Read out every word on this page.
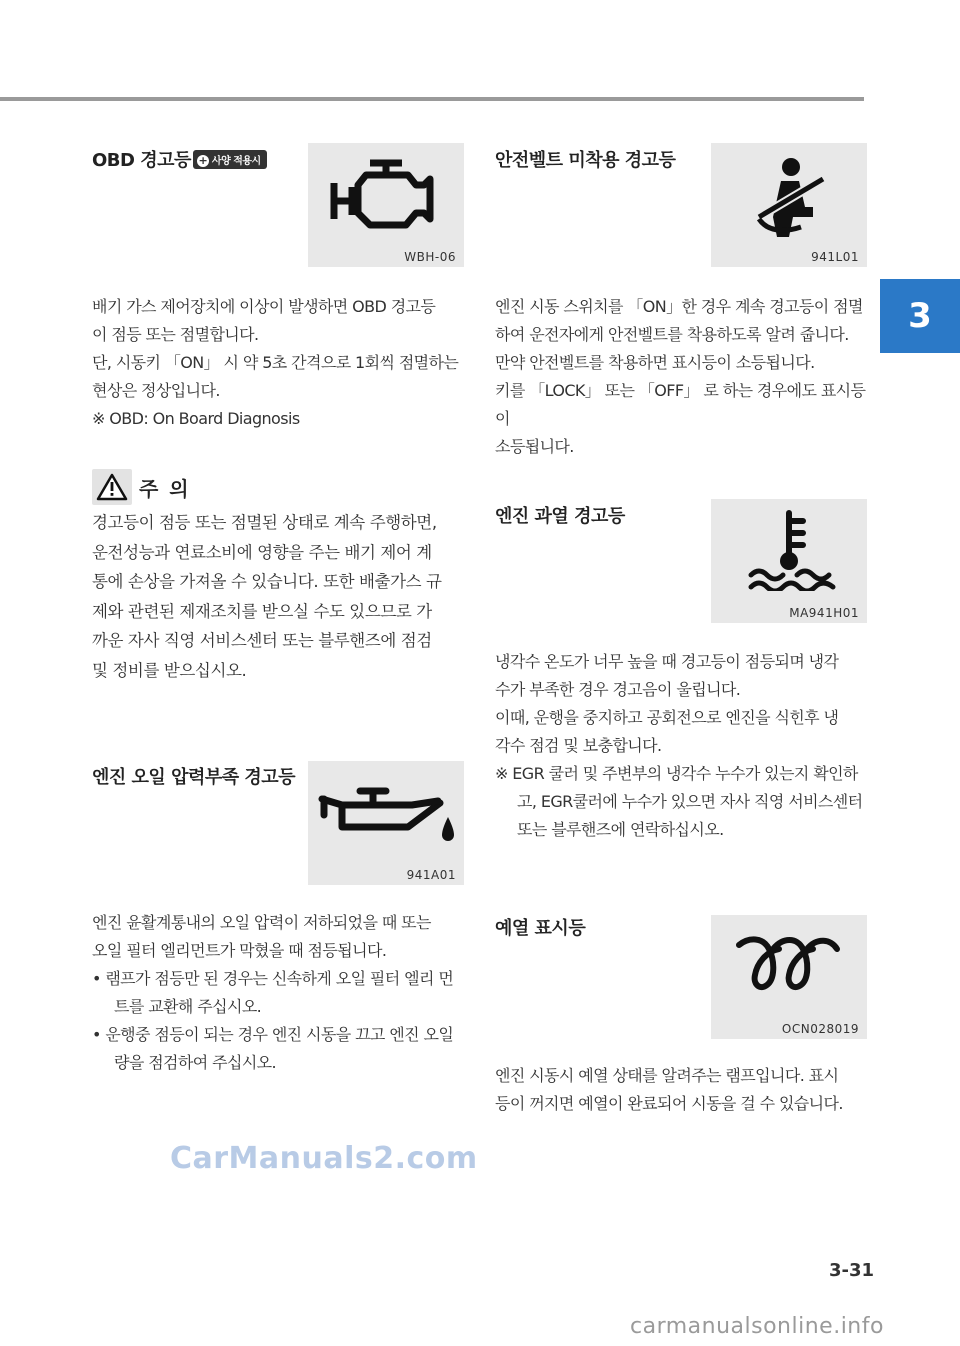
3
OBD 경고등 + 사양 적용시
WBH-06

배기 가스 제어장치에 이상이 발생하면 OBD 경고등

이 점등 또는 점멸합니다.

단, 시동키 「ON」 시 약 5초 간격으로 1회씩 점멸하는

현상은 정상입니다.

※ OBD: On Board Diagnosis

주 의
경고등이 점등 또는 점멸된 상태로 계속 주행하면,
운전성능과 연료소비에 영향을 주는 배기 제어 계
통에 손상을 가져올 수 있습니다. 또한 배출가스 규
제와 관련된 제재조치를 받으실 수도 있으므로 가
까운 자사 직영 서비스센터 또는 블루핸즈에 점검
및 정비를 받으십시오.
엔진 오일 압력부족 경고등
941A01

엔진 윤활계통내의 오일 압력이 저하되었을 때 또는

오일 필터 엘리먼트가 막혔을 때 점등됩니다.

• 램프가 점등만 된 경우는 신속하게 오일 필터 엘리 먼트를 교환해 주십시오.

• 운행중 점등이 되는 경우 엔진 시동을 끄고 엔진 오일량을 점검하여 주십시오.

안전벨트 미착용 경고등
941L01

엔진 시동 스위치를 「ON」한 경우 계속 경고등이 점멸

하여 운전자에게 안전벨트를 착용하도록 알려 줍니다.

만약 안전벨트를 착용하면 표시등이 소등됩니다.

키를 「LOCK」 또는 「OFF」 로 하는 경우에도 표시등이

소등됩니다.

엔진 과열 경고등
MA941H01

냉각수 온도가 너무 높을 때 경고등이 점등되며 냉각

수가 부족한 경우 경고음이 울립니다.

이때, 운행을 중지하고 공회전으로 엔진을 식힌후 냉

각수 점검 및 보충합니다.

※ EGR 쿨러 및 주변부의 냉각수 누수가 있는지 확인하고, EGR쿨러에 누수가 있으면 자사 직영 서비스센터 또는 블루핸즈에 연락하십시오.

예열 표시등
OCN028019

엔진 시동시 예열 상태를 알려주는 램프입니다. 표시

등이 꺼지면 예열이 완료되어 시동을 걸 수 있습니다.

CarManuals2.com
3-31
carmanualsonline.info
